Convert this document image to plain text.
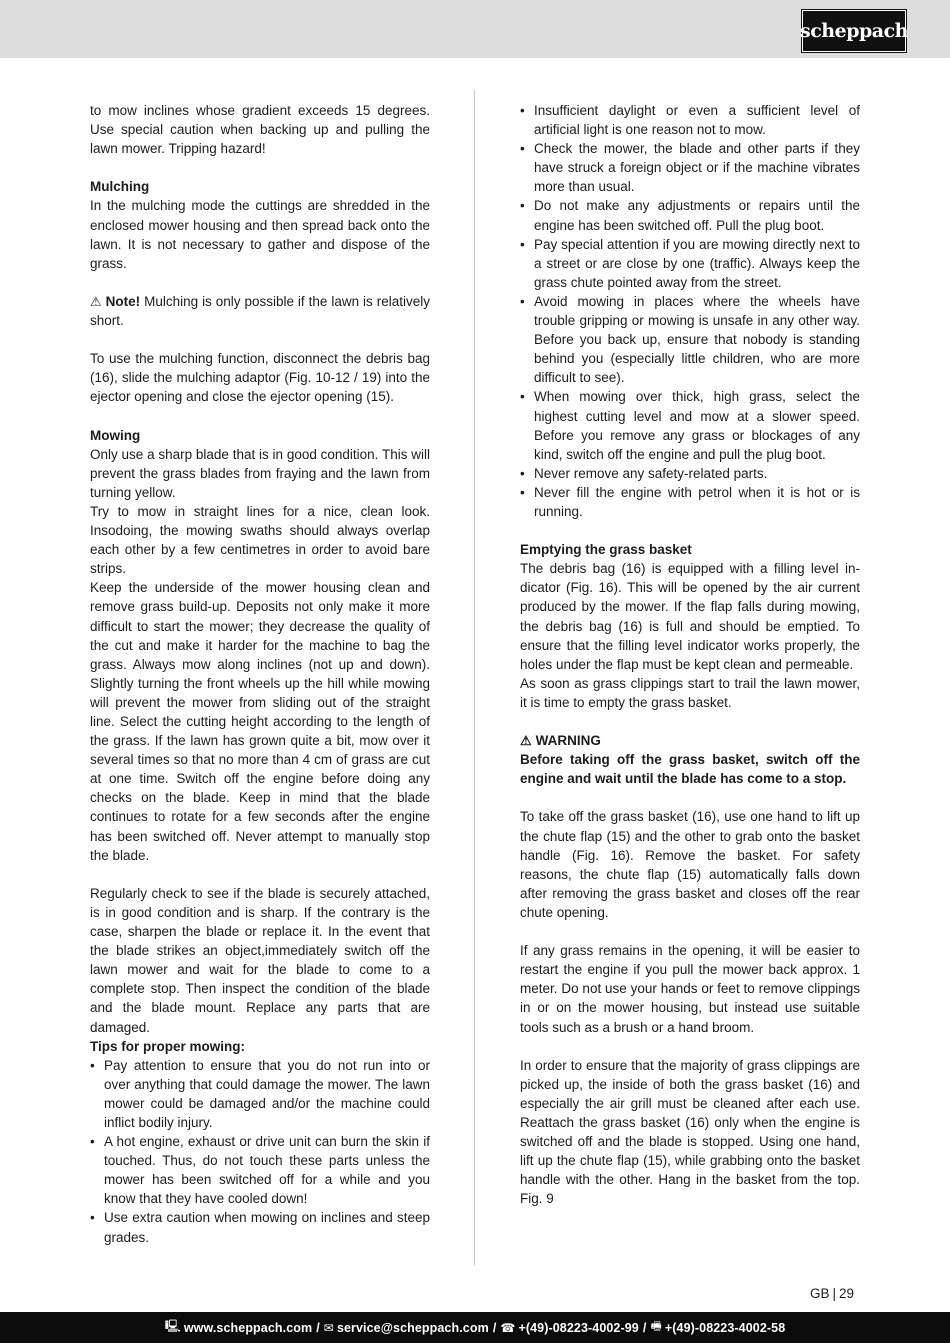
scheppach

to mow inclines whose gradient exceeds 15 degrees. Use special caution when backing up and pulling the lawn mower. Tripping hazard!

Mulching

In the mulching mode the cuttings are shredded in the enclosed mower housing and then spread back onto the lawn. It is not necessary to gather and dispose of the grass.

⚠ Note! Mulching is only possible if the lawn is relatively short.

To use the mulching function, disconnect the debris bag (16), slide the mulching adaptor (Fig. 10-12 / 19) into the ejector opening and close the ejector opening (15).

Mowing

Only use a sharp blade that is in good condition. This will prevent the grass blades from fraying and the lawn from turning yellow.

Try to mow in straight lines for a nice, clean look. Insodoing, the mowing swaths should always overlap each other by a few centimetres in order to avoid bare strips.

Keep the underside of the mower housing clean and remove grass build-up. Deposits not only make it more difficult to start the mower; they decrease the quality of the cut and make it harder for the machine to bag the grass. Always mow along inclines (not up and down). Slightly turning the front wheels up the hill while mowing will prevent the mower from sliding out of the straight line. Select the cutting height according to the length of the grass. If the lawn has grown quite a bit, mow over it several times so that no more than 4 cm of grass are cut at one time. Switch off the engine before doing any checks on the blade. Keep in mind that the blade continues to rotate for a few seconds after the engine has been switched off. Never attempt to manually stop the blade.

Regularly check to see if the blade is securely attached, is in good condition and is sharp. If the contrary is the case, sharpen the blade or replace it. In the event that the blade strikes an object,immediately switch off the lawn mower and wait for the blade to come to a complete stop. Then inspect the condition of the blade and the blade mount. Replace any parts that are damaged.

Tips for proper mowing:

• Pay attention to ensure that you do not run into or over anything that could damage the mower. The lawn mower could be damaged and/or the machine could inflict bodily injury.
• A hot engine, exhaust or drive unit can burn the skin if touched. Thus, do not touch these parts unless the mower has been switched off for a while and you know that they have cooled down!
• Use extra caution when mowing on inclines and steep grades.
• Insufficient daylight or even a sufficient level of artificial light is one reason not to mow.
• Check the mower, the blade and other parts if they have struck a foreign object or if the machine vibrates more than usual.
• Do not make any adjustments or repairs until the engine has been switched off. Pull the plug boot.
• Pay special attention if you are mowing directly next to a street or are close by one (traffic). Always keep the grass chute pointed away from the street.
• Avoid mowing in places where the wheels have trouble gripping or mowing is unsafe in any other way. Before you back up, ensure that nobody is standing behind you (especially little children, who are more difficult to see).
• When mowing over thick, high grass, select the highest cutting level and mow at a slower speed. Before you remove any grass or blockages of any kind, switch off the engine and pull the plug boot.
• Never remove any safety-related parts.
• Never fill the engine with petrol when it is hot or is running.

Emptying the grass basket

The debris bag (16) is equipped with a filling level indicator (Fig. 16). This will be opened by the air current produced by the mower. If the flap falls during mowing, the debris bag (16) is full and should be emptied. To ensure that the filling level indicator works properly, the holes under the flap must be kept clean and permeable.

As soon as grass clippings start to trail the lawn mower, it is time to empty the grass basket.

⚠ WARNING

Before taking off the grass basket, switch off the engine and wait until the blade has come to a stop.

To take off the grass basket (16), use one hand to lift up the chute flap (15) and the other to grab onto the basket handle (Fig. 16). Remove the basket. For safety reasons, the chute flap (15) automatically falls down after removing the grass basket and closes off the rear chute opening.

If any grass remains in the opening, it will be easier to restart the engine if you pull the mower back approx. 1 meter. Do not use your hands or feet to remove clippings in or on the mower housing, but instead use suitable tools such as a brush or a hand broom.

In order to ensure that the majority of grass clippings are picked up, the inside of both the grass basket (16) and especially the air grill must be cleaned after each use. Reattach the grass basket (16) only when the engine is switched off and the blade is stopped. Using one hand, lift up the chute flap (15), while grabbing onto the basket handle with the other. Hang in the basket from the top. Fig. 9

GB | 29
🖳 www.scheppach.com / ✉ service@scheppach.com / ☎ +(49)-08223-4002-99 / 🖷 +(49)-08223-4002-58
